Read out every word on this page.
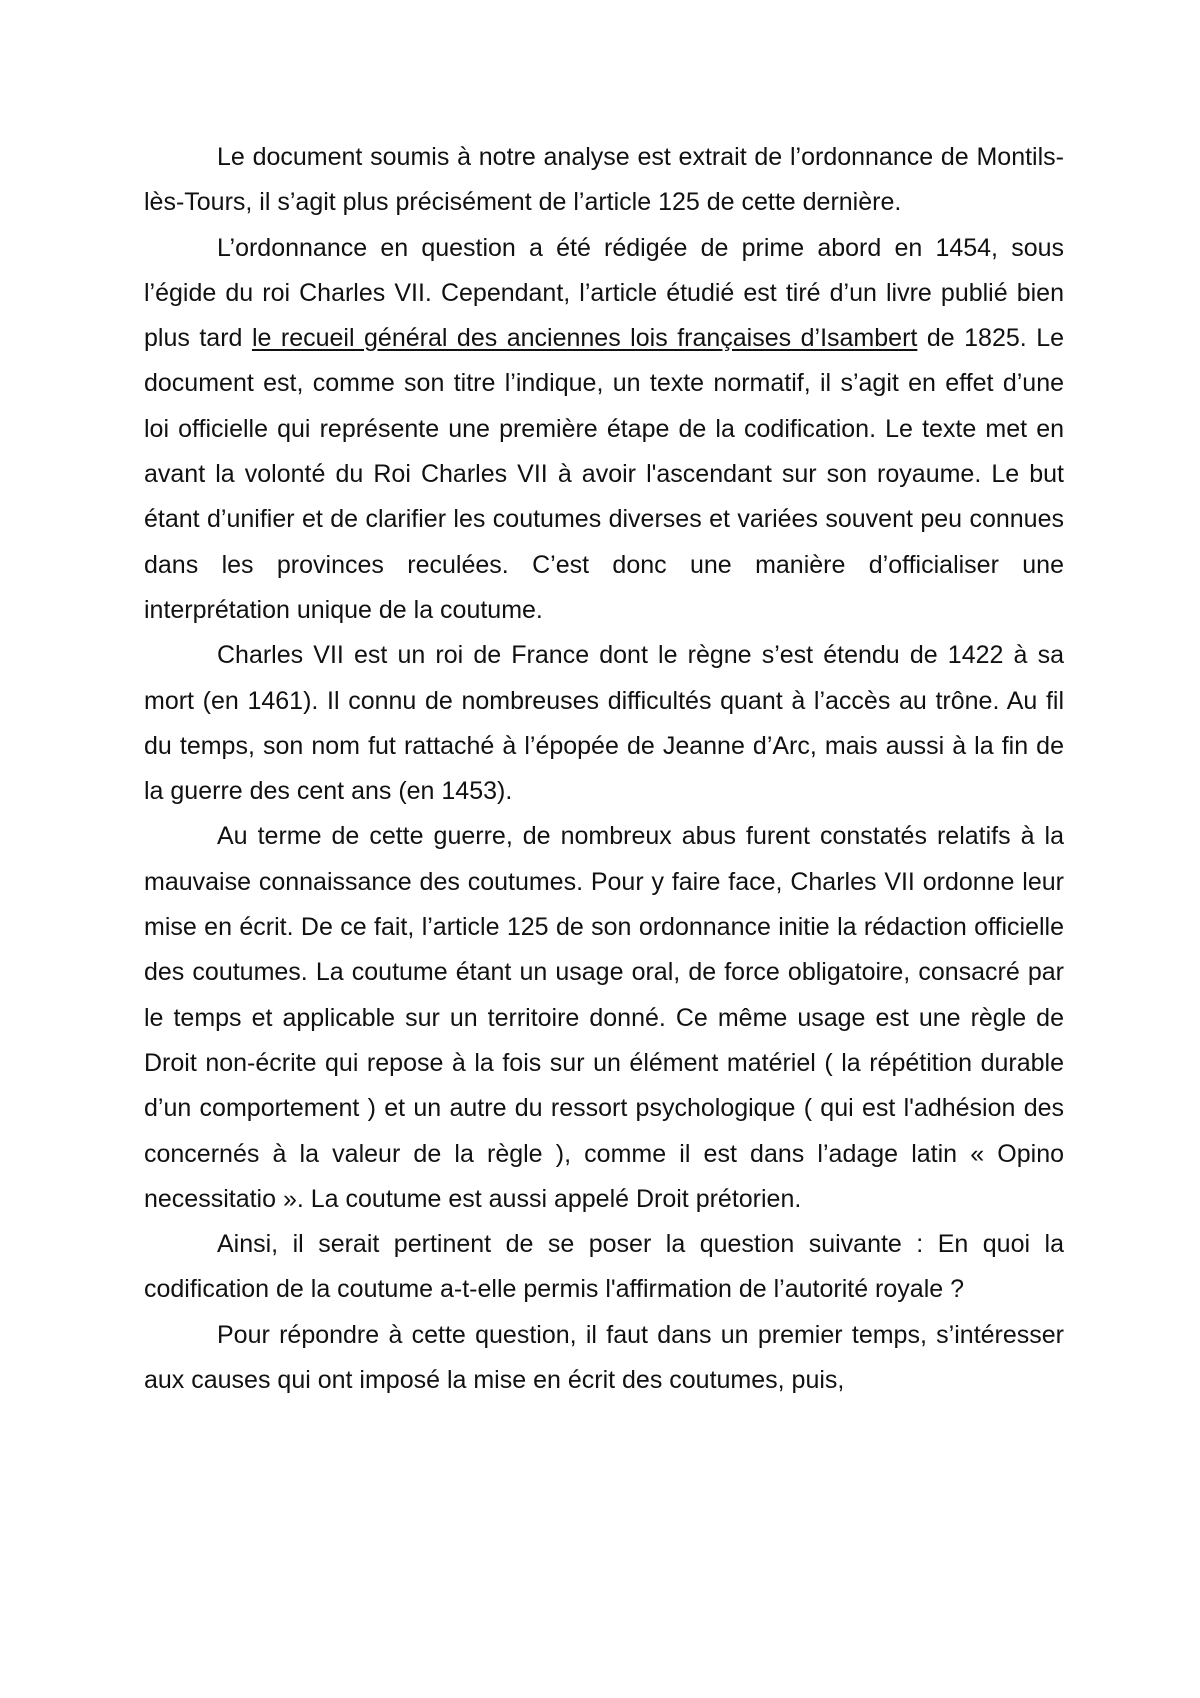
Le document soumis à notre analyse est extrait de l’ordonnance de Montils-lès-Tours, il s’agit plus précisément de l’article 125 de cette dernière.

L’ordonnance en question a été rédigée de prime abord en 1454, sous l’égide du roi Charles VII. Cependant, l’article étudié est tiré d’un livre publié bien plus tard le recueil général des anciennes lois françaises d’Isambert de 1825. Le document est, comme son titre l’indique, un texte normatif, il s’agit en effet d’une loi officielle qui représente une première étape de la codification. Le texte met en avant la volonté du Roi Charles VII à avoir l'ascendant sur son royaume. Le but étant d’unifier et de clarifier les coutumes diverses et variées souvent peu connues dans les provinces reculées. C’est donc une manière d’officialiser une interprétation unique de la coutume.

Charles VII est un roi de France dont le règne s’est étendu de 1422 à sa mort (en 1461). Il connu de nombreuses difficultés quant à l’accès au trône. Au fil du temps, son nom fut rattaché à l’épopée de Jeanne d’Arc, mais aussi à la fin de la guerre des cent ans (en 1453).

Au terme de cette guerre, de nombreux abus furent constatés relatifs à la mauvaise connaissance des coutumes. Pour y faire face, Charles VII ordonne leur mise en écrit. De ce fait, l’article 125 de son ordonnance initie la rédaction officielle des coutumes. La coutume étant un usage oral, de force obligatoire, consacré par le temps et applicable sur un territoire donné. Ce même usage est une règle de Droit non-écrite qui repose à la fois sur un élément matériel ( la répétition durable d’un comportement ) et un autre du ressort psychologique ( qui est l'adhésion des concernés à la valeur de la règle ), comme il est dans l’adage latin « Opino necessitatio ». La coutume est aussi appelé Droit prétorien.

Ainsi, il serait pertinent de se poser la question suivante : En quoi la codification de la coutume a-t-elle permis l'affirmation de l’autorité royale ?

Pour répondre à cette question, il faut dans un premier temps, s’intéresser aux causes qui ont imposé la mise en écrit des coutumes, puis,
